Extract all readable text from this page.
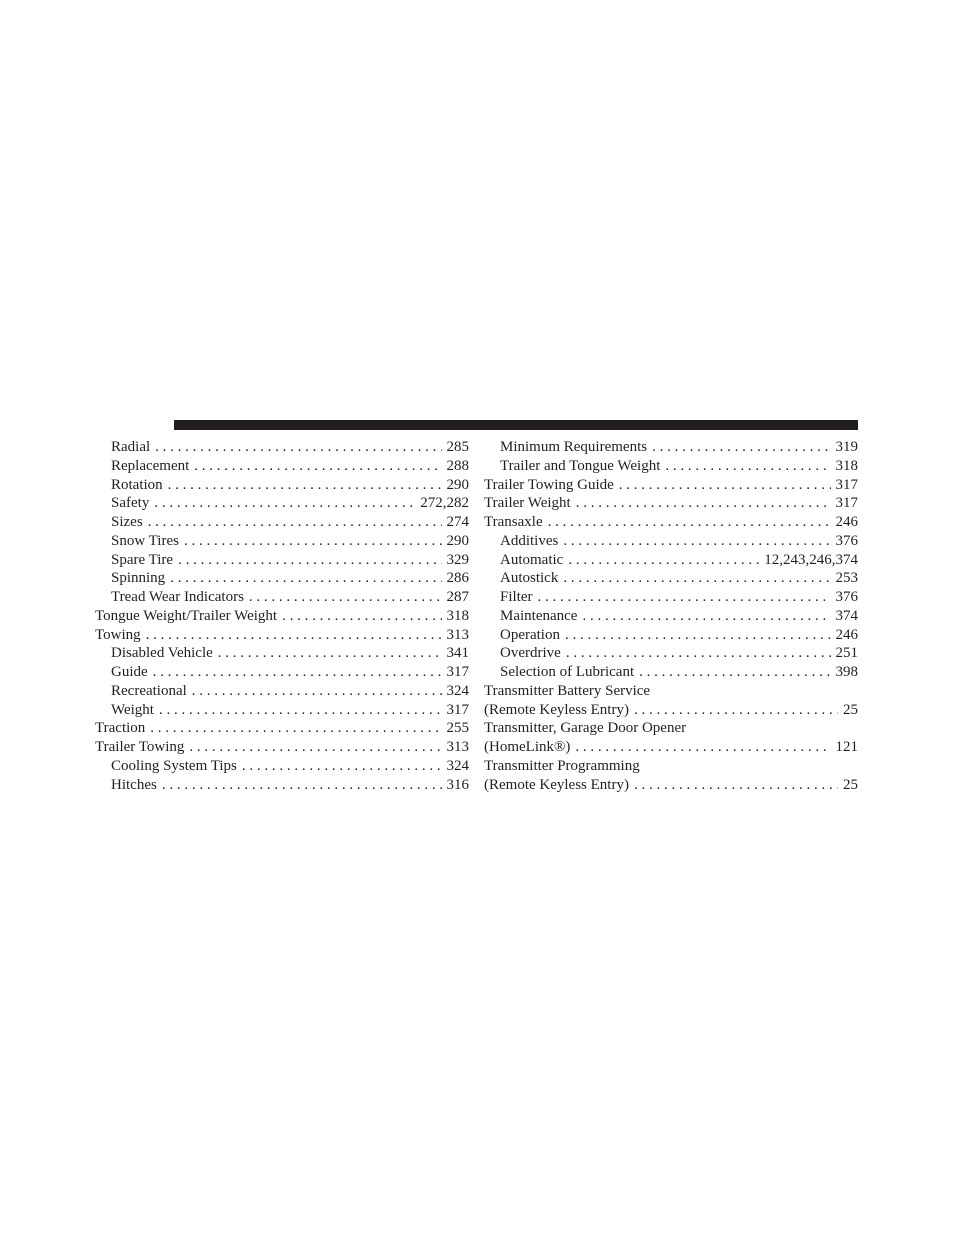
Radial . . .	285
Replacement . . .	288
Rotation . . .	290
Safety . . .	272,282
Sizes . . .	274
Snow Tires . . .	290
Spare Tire . . .	329
Spinning . . .	286
Tread Wear Indicators . . .	287
Tongue Weight/Trailer Weight . . .	318
Towing . . .	313
Disabled Vehicle . . .	341
Guide . . .	317
Recreational . . .	324
Weight . . .	317
Traction . . .	255
Trailer Towing . . .	313
Cooling System Tips . . .	324
Hitches . . .	316
Minimum Requirements . . .	319
Trailer and Tongue Weight . . .	318
Trailer Towing Guide . . .	317
Trailer Weight . . .	317
Transaxle . . .	246
Additives . . .	376
Automatic . . .	12,243,246,374
Autostick . . .	253
Filter . . .	376
Maintenance . . .	374
Operation . . .	246
Overdrive . . .	251
Selection of Lubricant . . .	398
Transmitter Battery Service
(Remote Keyless Entry) . . .	25
Transmitter, Garage Door Opener
(HomeLink®) . . .	121
Transmitter Programming
(Remote Keyless Entry) . . .	25
